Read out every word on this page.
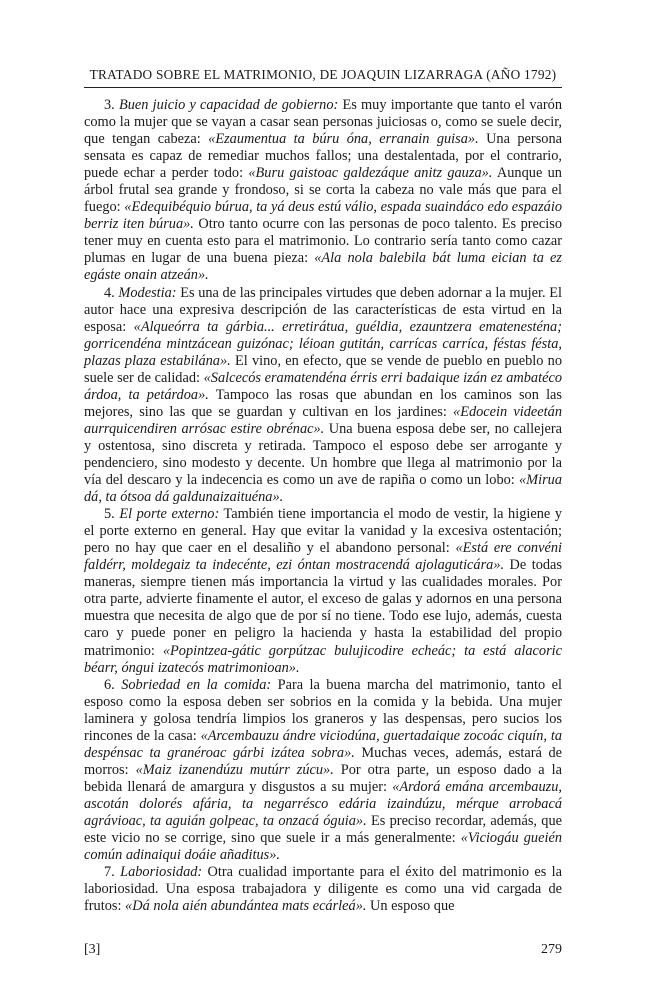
TRATADO SOBRE EL MATRIMONIO, DE JOAQUIN LIZARRAGA (AÑO 1792)

3. Buen juicio y capacidad de gobierno: Es muy importante que tanto el varón como la mujer que se vayan a casar sean personas juiciosas o, como se suele decir, que tengan cabeza: «Ezaumentua ta búru óna, erranain guisa». Una persona sensata es capaz de remediar muchos fallos; una destalentada, por el contrario, puede echar a perder todo: «Buru gaistoac galdezáque anitz gauza». Aunque un árbol frutal sea grande y frondoso, si se corta la cabeza no vale más que para el fuego: «Edequibéquio búrua, ta yá deus estú válio, espada suaindáco edo espazáio berriz iten búrua». Otro tanto ocurre con las personas de poco talento. Es preciso tener muy en cuenta esto para el matrimonio. Lo contrario sería tanto como cazar plumas en lugar de una buena pieza: «Ala nola balebila bát luma eician ta ez egáste onain atzeán».

4. Modestia: Es una de las principales virtudes que deben adornar a la mujer. El autor hace una expresiva descripción de las características de esta virtud en la esposa: «Alqueórra ta gárbia... erretirátua, guéldia, ezauntzera ematenesténa; gorricendéna mintzácean guizónac; léioan gutitán, carrícas carríca, féstas fésta, plazas plaza estabilána». El vino, en efecto, que se vende de pueblo en pueblo no suele ser de calidad: «Salcecós eramatendéna érris erri badaique izán ez ambatéco árdoa, ta petárdoa». Tampoco las rosas que abundan en los caminos son las mejores, sino las que se guardan y cultivan en los jardines: «Edocein videetán aurrquicendiren arrósac estire obrénac». Una buena esposa debe ser, no callejera y ostentosa, sino discreta y retirada. Tampoco el esposo debe ser arrogante y pendenciero, sino modesto y decente. Un hombre que llega al matrimonio por la vía del descaro y la indecencia es como un ave de rapiña o como un lobo: «Mirua dá, ta ótsoa dá galdunaizaituéna».

5. El porte externo: También tiene importancia el modo de vestir, la higiene y el porte externo en general. Hay que evitar la vanidad y la excesiva ostentación; pero no hay que caer en el desaliño y el abandono personal: «Está ere convéni faldérr, moldegaiz ta indecénte, ezi óntan mostracendá ajolaguticára». De todas maneras, siempre tienen más importancia la virtud y las cualidades morales. Por otra parte, advierte finamente el autor, el exceso de galas y adornos en una persona muestra que necesita de algo que de por sí no tiene. Todo ese lujo, además, cuesta caro y puede poner en peligro la hacienda y hasta la estabilidad del propio matrimonio: «Popintzea-gátic gorpútzac bulujicodire echeác; ta está alacoric béarr, óngui izatecós matrimonioan».

6. Sobriedad en la comida: Para la buena marcha del matrimonio, tanto el esposo como la esposa deben ser sobrios en la comida y la bebida. Una mujer laminera y golosa tendría limpios los graneros y las despensas, pero sucios los rincones de la casa: «Arcembauzu ándre viciodúna, guertadaique zocoác ciquín, ta despénsac ta granéroac gárbi izátea sobra». Muchas veces, además, estará de morros: «Maiz izanendúzu mutúrr zúcu». Por otra parte, un esposo dado a la bebida llenará de amargura y disgustos a su mujer: «Ardorá emána arcembauzu, ascotán dolorés afária, ta negarrésco edária izaindúzu, mérque arrobacá agrávioac, ta aguián golpeac, ta onzacá óguia». Es preciso recordar, además, que este vicio no se corrige, sino que suele ir a más generalmente: «Viciogáu gueién común adinaiqui doáie añaditus».

7. Laboriosidad: Otra cualidad importante para el éxito del matrimonio es la laboriosidad. Una esposa trabajadora y diligente es como una vid cargada de frutos: «Dá nola aién abundántea mats ecárleá». Un esposo que

[3]	279
